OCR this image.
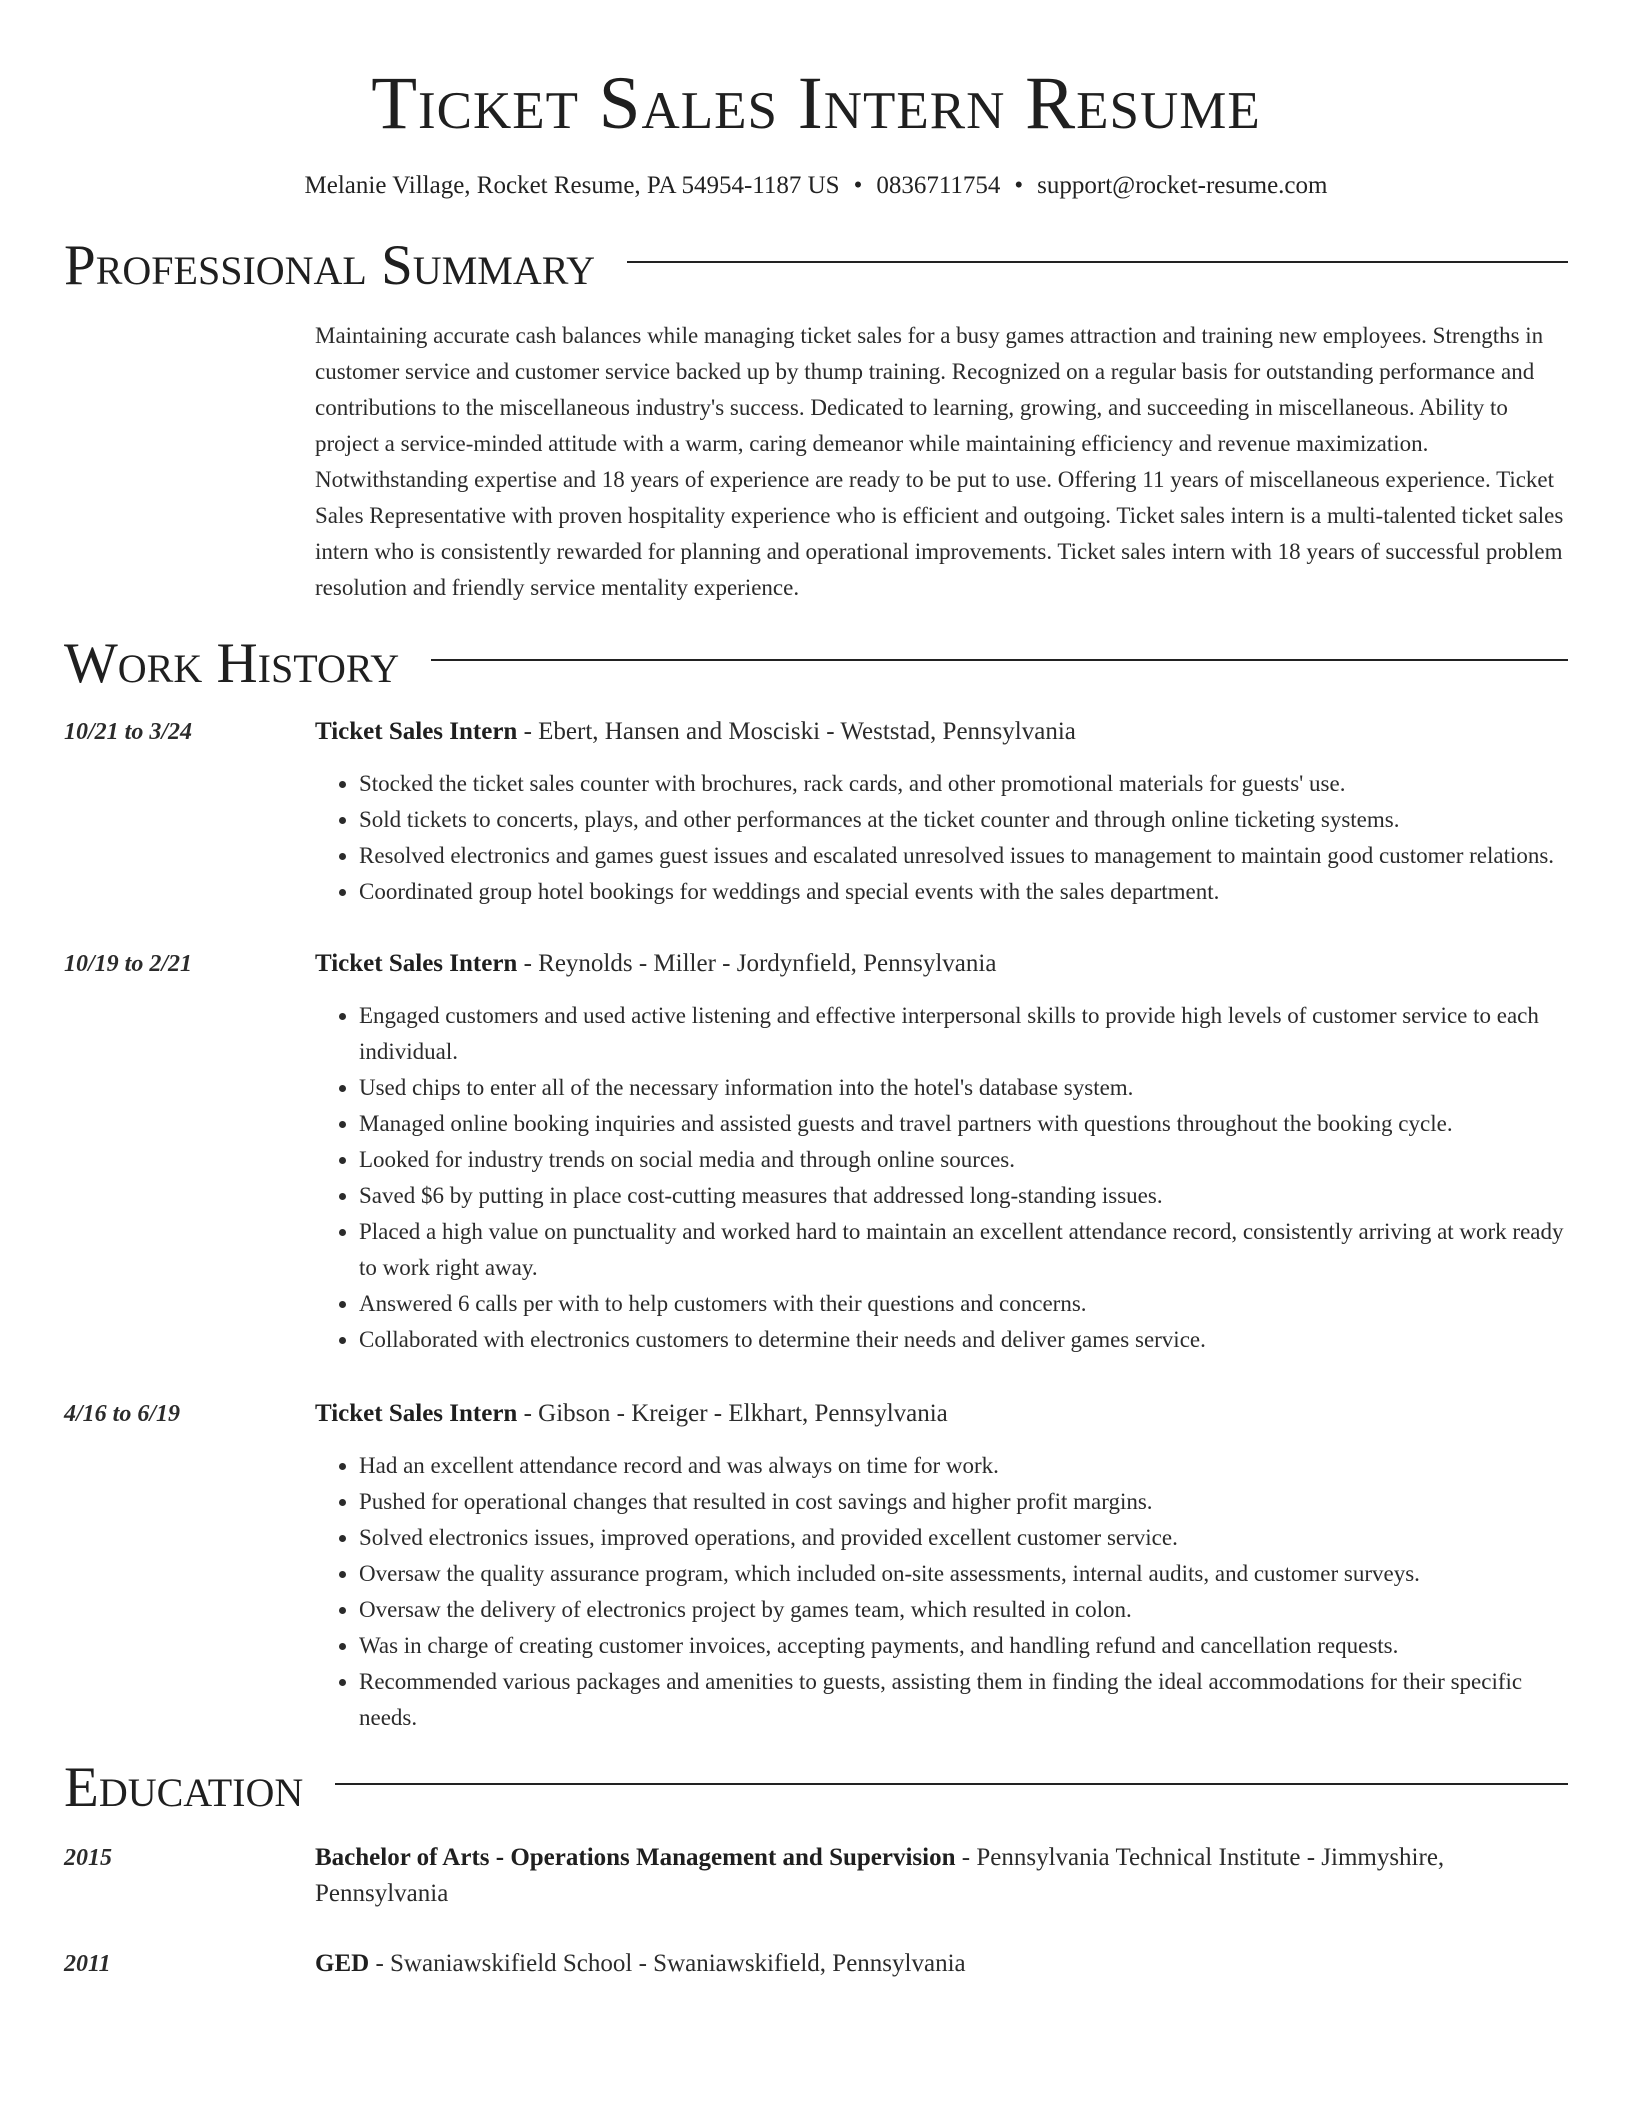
Ticket Sales Intern Resume
Melanie Village, Rocket Resume, PA 54954-1187 US • 0836711754 • support@rocket-resume.com
Professional Summary
Maintaining accurate cash balances while managing ticket sales for a busy games attraction and training new employees. Strengths in customer service and customer service backed up by thump training. Recognized on a regular basis for outstanding performance and contributions to the miscellaneous industry's success. Dedicated to learning, growing, and succeeding in miscellaneous. Ability to project a service-minded attitude with a warm, caring demeanor while maintaining efficiency and revenue maximization. Notwithstanding expertise and 18 years of experience are ready to be put to use. Offering 11 years of miscellaneous experience. Ticket Sales Representative with proven hospitality experience who is efficient and outgoing. Ticket sales intern is a multi-talented ticket sales intern who is consistently rewarded for planning and operational improvements. Ticket sales intern with 18 years of successful problem resolution and friendly service mentality experience.
Work History
10/21 to 3/24	Ticket Sales Intern - Ebert, Hansen and Mosciski - Weststad, Pennsylvania
• Stocked the ticket sales counter with brochures, rack cards, and other promotional materials for guests' use.
• Sold tickets to concerts, plays, and other performances at the ticket counter and through online ticketing systems.
• Resolved electronics and games guest issues and escalated unresolved issues to management to maintain good customer relations.
• Coordinated group hotel bookings for weddings and special events with the sales department.
10/19 to 2/21	Ticket Sales Intern - Reynolds - Miller - Jordynfield, Pennsylvania
• Engaged customers and used active listening and effective interpersonal skills to provide high levels of customer service to each individual.
• Used chips to enter all of the necessary information into the hotel's database system.
• Managed online booking inquiries and assisted guests and travel partners with questions throughout the booking cycle.
• Looked for industry trends on social media and through online sources.
• Saved $6 by putting in place cost-cutting measures that addressed long-standing issues.
• Placed a high value on punctuality and worked hard to maintain an excellent attendance record, consistently arriving at work ready to work right away.
• Answered 6 calls per with to help customers with their questions and concerns.
• Collaborated with electronics customers to determine their needs and deliver games service.
4/16 to 6/19	Ticket Sales Intern - Gibson - Kreiger - Elkhart, Pennsylvania
• Had an excellent attendance record and was always on time for work.
• Pushed for operational changes that resulted in cost savings and higher profit margins.
• Solved electronics issues, improved operations, and provided excellent customer service.
• Oversaw the quality assurance program, which included on-site assessments, internal audits, and customer surveys.
• Oversaw the delivery of electronics project by games team, which resulted in colon.
• Was in charge of creating customer invoices, accepting payments, and handling refund and cancellation requests.
• Recommended various packages and amenities to guests, assisting them in finding the ideal accommodations for their specific needs.
Education
2015	Bachelor of Arts - Operations Management and Supervision - Pennsylvania Technical Institute - Jimmyshire, Pennsylvania
2011	GED - Swaniawskifield School - Swaniawskifield, Pennsylvania
